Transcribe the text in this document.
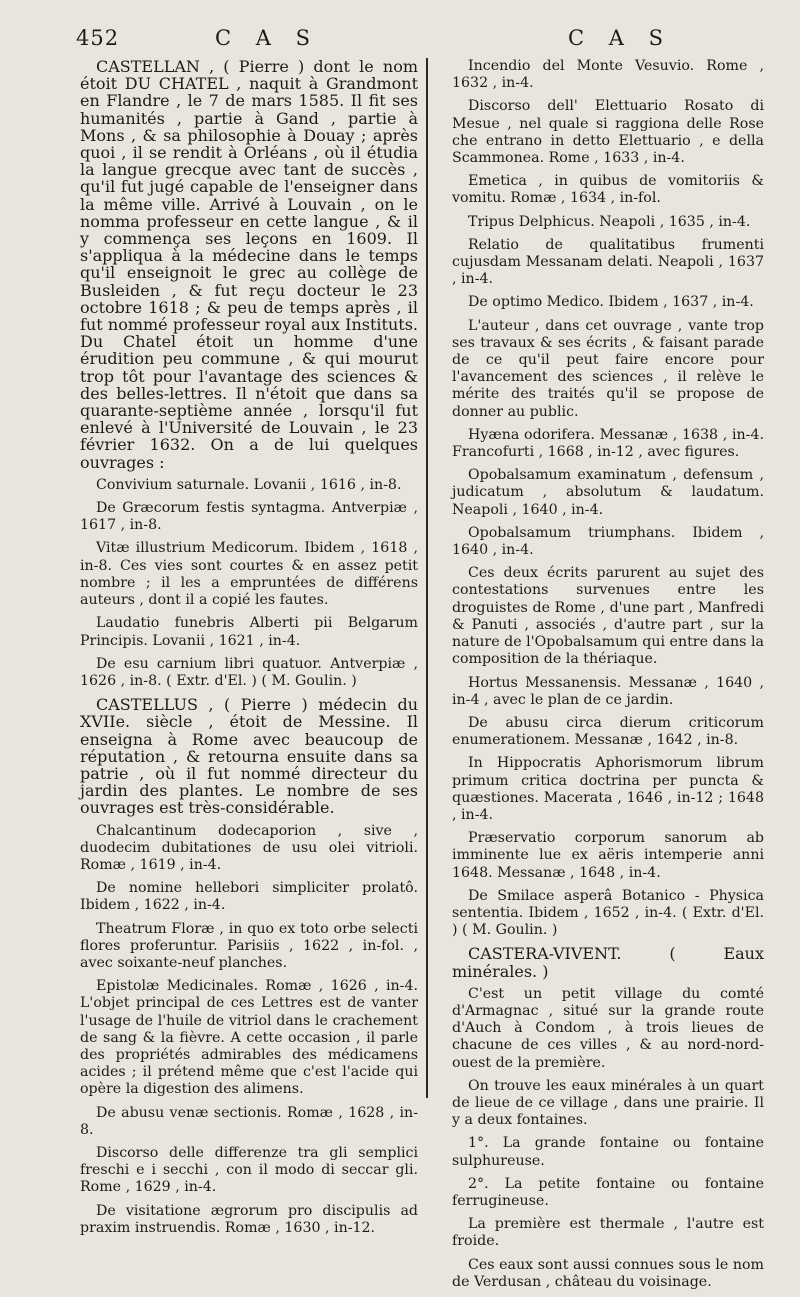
452	C A S	C A S

CASTELLAN , ( Pierre ) dont le nom étoit DU CHATEL , naquit à Grandmont en Flandre , le 7 de mars 1585. Il fit ses humanités , partie à Gand , partie à Mons , & sa philosophie à Douay ; après quoi , il se rendit à Orléans , où il étudia la langue grecque avec tant de succès , qu'il fut jugé capable de l'enseigner dans la même ville. Arrivé à Louvain , on le nomma professeur en cette langue , & il y commença ses leçons en 1609. Il s'appliqua à la médecine dans le temps qu'il enseignoit le grec au collège de Busleiden , & fut reçu docteur le 23 octobre 1618 ; & peu de temps après , il fut nommé professeur royal aux Instituts. Du Chatel étoit un homme d'une érudition peu commune , & qui mourut trop tôt pour l'avantage des sciences & des belles-lettres. Il n'étoit que dans sa quarante-septième année , lorsqu'il fut enlevé à l'Université de Louvain , le 23 février 1632. On a de lui quelques ouvrages :

Convivium saturnale. Lovanii , 1616 , in-8.

De Græcorum festis syntagma. Antverpiæ , 1617 , in-8.

Vitæ illustrium Medicorum. Ibidem , 1618 , in-8. Ces vies sont courtes & en assez petit nombre ; il les a empruntées de différens auteurs , dont il a copié les fautes.

Laudatio funebris Alberti pii Belgarum Principis. Lovanii , 1621 , in-4.

De esu carnium libri quatuor. Antverpiæ , 1626 , in-8. ( Extr. d'El. ) ( M. Goulin. )

CASTELLUS , ( Pierre ) médecin du XVIIe. siècle , étoit de Messine. Il enseigna à Rome avec beaucoup de réputation , & retourna ensuite dans sa patrie , où il fut nommé directeur du jardin des plantes. Le nombre de ses ouvrages est très-considérable.

Chalcantinum dodecaporion , sive , duodecim dubitationes de usu olei vitrioli. Romæ , 1619 , in-4.

De nomine hellebori simpliciter prolatô. Ibidem , 1622 , in-4.

Theatrum Floræ , in quo ex toto orbe selecti flores proferuntur. Parisiis , 1622 , in-fol. , avec soixante-neuf planches.

Epistolæ Medicinales. Romæ , 1626 , in-4. L'objet principal de ces Lettres est de vanter l'usage de l'huile de vitriol dans le crachement de sang & la fièvre. A cette occasion , il parle des propriétés admirables des médicamens acides ; il prétend même que c'est l'acide qui opère la digestion des alimens.

De abusu venæ sectionis. Romæ , 1628 , in-8.

Discorso delle differenze tra gli semplici freschi e i secchi , con il modo di seccar gli. Rome , 1629 , in-4.

De visitatione ægrorum pro discipulis ad praxim instruendis. Romæ , 1630 , in-12.

Incendio del Monte Vesuvio. Rome , 1632 , in-4.

Discorso dell' Elettuario Rosato di Mesue , nel quale si raggiona delle Rose che entrano in detto Elettuario , e della Scammonea. Rome , 1633 , in-4.

Emetica , in quibus de vomitoriis & vomitu. Romæ , 1634 , in-fol.

Tripus Delphicus. Neapoli , 1635 , in-4.

Relatio de qualitatibus frumenti cujusdam Messanam delati. Neapoli , 1637 , in-4.

De optimo Medico. Ibidem , 1637 , in-4.

L'auteur , dans cet ouvrage , vante trop ses travaux & ses écrits , & faisant parade de ce qu'il peut faire encore pour l'avancement des sciences , il relève le mérite des traités qu'il se propose de donner au public.

Hyæna odorifera. Messanæ , 1638 , in-4. Francofurti , 1668 , in-12 , avec figures.

Opobalsamum examinatum , defensum , judicatum , absolutum & laudatum. Neapoli , 1640 , in-4.

Opobalsamum triumphans. Ibidem , 1640 , in-4.

Ces deux écrits parurent au sujet des contestations survenues entre les droguistes de Rome , d'une part , Manfredi & Panuti , associés , d'autre part , sur la nature de l'Opobalsamum qui entre dans la composition de la thériaque.

Hortus Messanensis. Messanæ , 1640 , in-4 , avec le plan de ce jardin.

De abusu circa dierum criticorum enumerationem. Messanæ , 1642 , in-8.

In Hippocratis Aphorismorum librum primum critica doctrina per puncta & quæstiones. Macerata , 1646 , in-12 ; 1648 , in-4.

Præservatio corporum sanorum ab imminente lue ex aëris intemperie anni 1648. Messanæ , 1648 , in-4.

De Smilace asperâ Botanico - Physica sententia. Ibidem , 1652 , in-4. ( Extr. d'El. ) ( M. Goulin. )

CASTERA-VIVENT. ( Eaux minérales. )

C'est un petit village du comté d'Armagnac , situé sur la grande route d'Auch à Condom , à trois lieues de chacune de ces villes , & au nord-nord-ouest de la première.

On trouve les eaux minérales à un quart de lieue de ce village , dans une prairie. Il y a deux fontaines.

1°. La grande fontaine ou fontaine sulphureuse.

2°. La petite fontaine ou fontaine ferrugineuse.

La première est thermale , l'autre est froide.

Ces eaux sont aussi connues sous le nom de Verdusan , château du voisinage.
